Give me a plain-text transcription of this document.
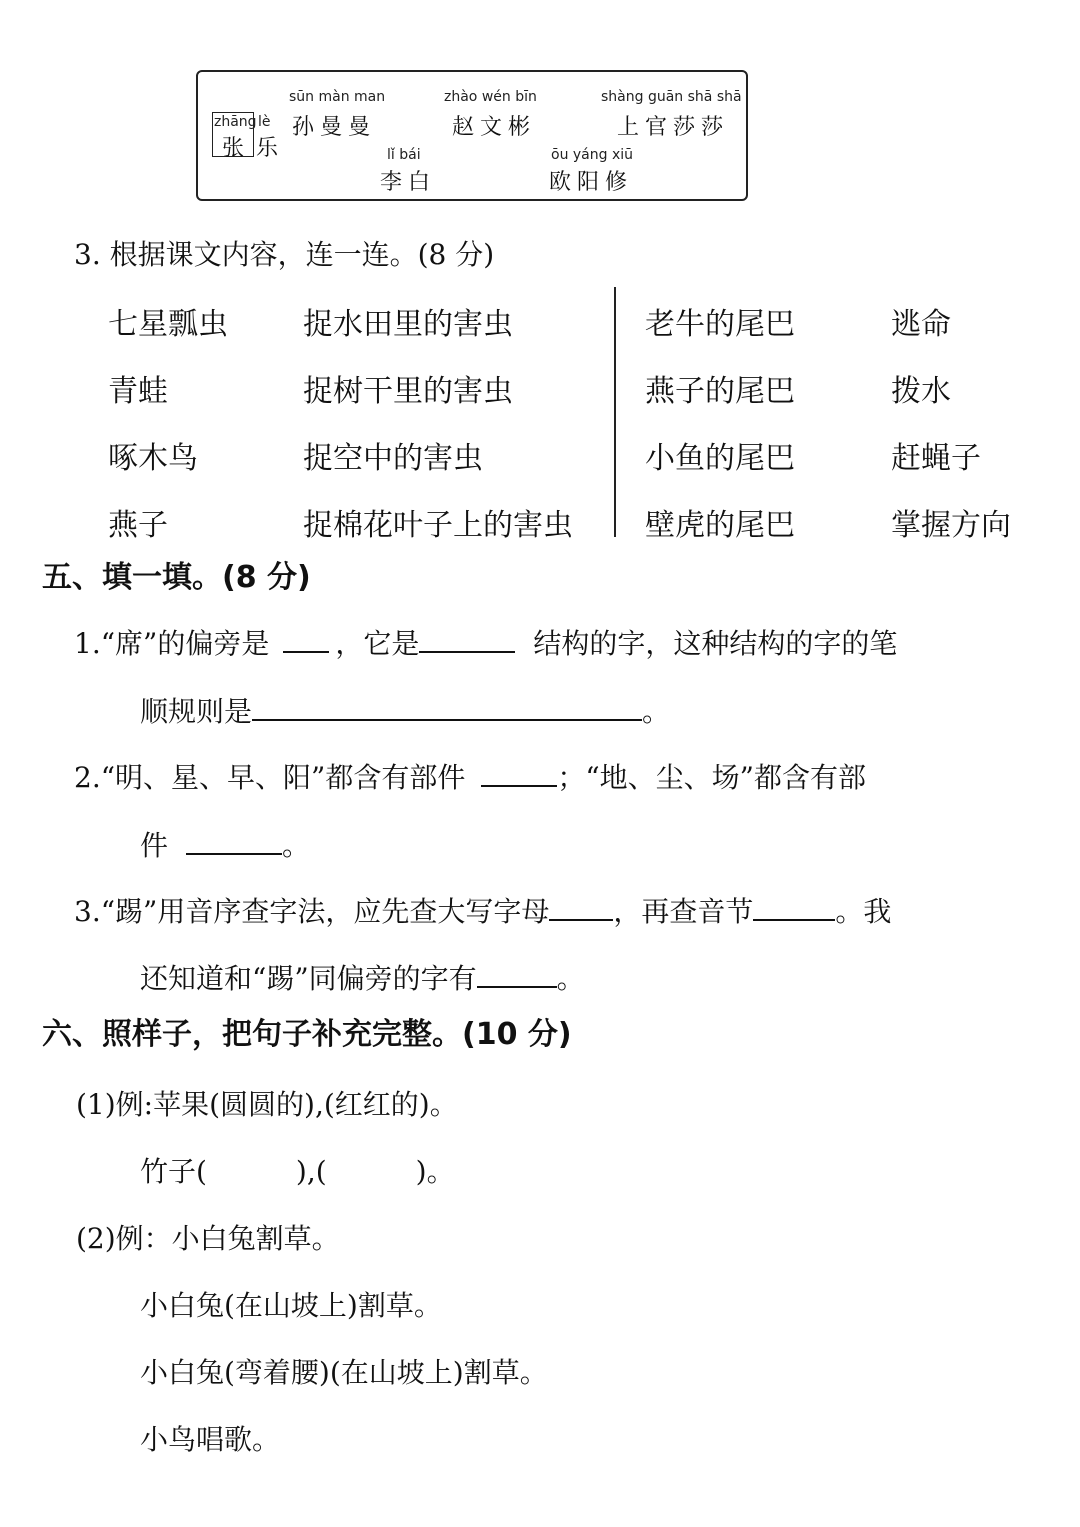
zhāng
张
lè
乐
sūn màn man
孙曼曼
zhào wén bīn
赵文彬
shàng guān shā shā
上官莎莎
lǐ bái
李白
ōu yáng xiū
欧阳修
3. 根据课文内容，连一连。(8 分)
七星瓢虫
青蛙
啄木鸟
燕子
捉水田里的害虫
捉树干里的害虫
捉空中的害虫
捉棉花叶子上的害虫
老牛的尾巴
燕子的尾巴
小鱼的尾巴
壁虎的尾巴
逃命
拨水
赶蝇子
掌握方向
五、填一填。(8 分)
1.“席”的偏旁是 ，它是	结构的字，这种结构的字的笔
顺规则是	。
2.“明、星、早、阳”都含有部件	；“地、尘、场”都含有部
件	。
3.“踢”用音序查字法，应先查大写字母 ，再查音节	。我
还知道和“踢”同偏旁的字有	。
六、照样子，把句子补充完整。(10 分)
(1)例:苹果(圆圆的),(红红的)。
竹子(          ),(          )。
(2)例：小白兔割草。
小白兔(在山坡上)割草。
小白兔(弯着腰)(在山坡上)割草。
小鸟唱歌。
